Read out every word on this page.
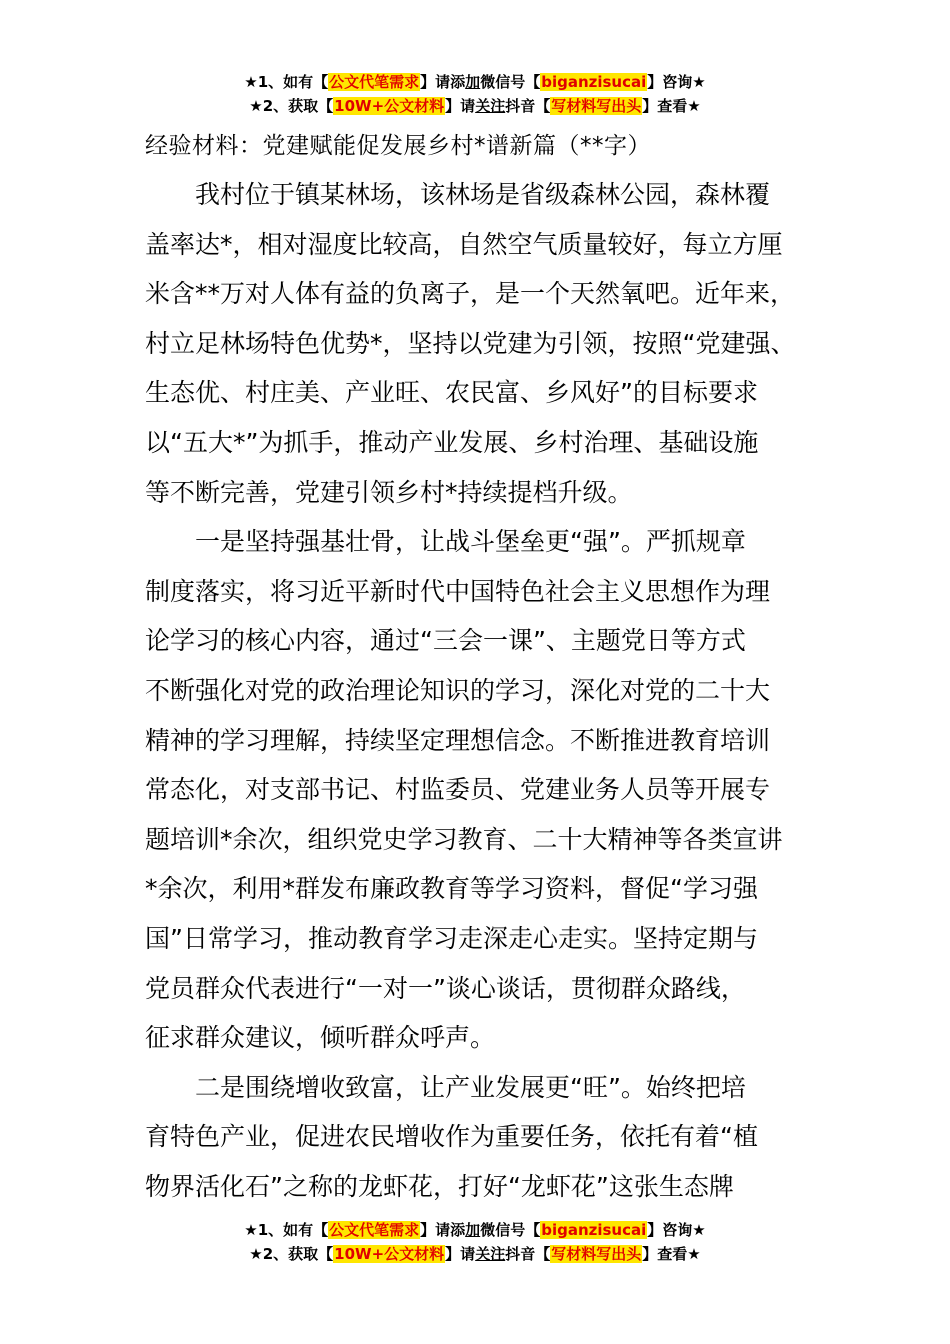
★1、如有【公文代笔需求】请添加微信号【biganzisucai】咨询★
★2、获取【10W+公文材料】请关注抖音【写材料写出头】查看★
经验材料：党建赋能促发展乡村*谱新篇（**字）
我村位于镇某林场，该林场是省级森林公园，森林覆
盖率达*，相对湿度比较高，自然空气质量较好，每立方厘
米含**万对人体有益的负离子，是一个天然氧吧。近年来，
村立足林场特色优势*，坚持以党建为引领，按照“党建强、
生态优、村庄美、产业旺、农民富、乡风好”的目标要求
以“五大*”为抓手，推动产业发展、乡村治理、基础设施
等不断完善，党建引领乡村*持续提档升级。
一是坚持强基壮骨，让战斗堡垒更“强”。严抓规章
制度落实，将习近平新时代中国特色社会主义思想作为理
论学习的核心内容，通过“三会一课”、主题党日等方式
不断强化对党的政治理论知识的学习，深化对党的二十大
精神的学习理解，持续坚定理想信念。不断推进教育培训
常态化，对支部书记、村监委员、党建业务人员等开展专
题培训*余次，组织党史学习教育、二十大精神等各类宣讲
*余次，利用*群发布廉政教育等学习资料，督促“学习强
国”日常学习，推动教育学习走深走心走实。坚持定期与
党员群众代表进行“一对一”谈心谈话，贯彻群众路线，
征求群众建议，倾听群众呼声。
二是围绕增收致富，让产业发展更“旺”。始终把培
育特色产业，促进农民增收作为重要任务，依托有着“植
物界活化石”之称的龙虾花，打好“龙虾花”这张生态牌
★1、如有【公文代笔需求】请添加微信号【biganzisucai】咨询★
★2、获取【10W+公文材料】请关注抖音【写材料写出头】查看★
